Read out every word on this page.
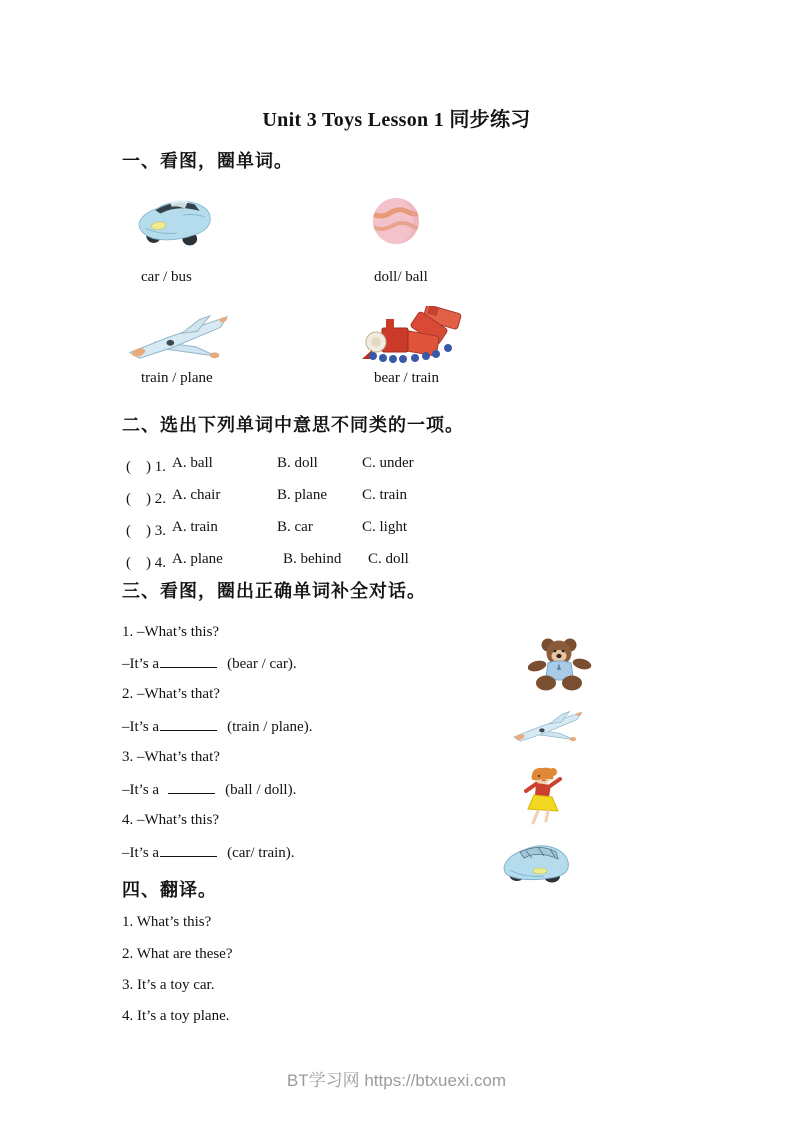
Unit 3 Toys Lesson 1 同步练习
一、看图，圈单词。
car / bus	doll/ ball
train / plane	bear / train
二、选出下列单词中意思不同类的一项。
(　) 1. A. ball	B. doll	C. under
(　) 2. A. chair	B. plane	C. train
(　) 3. A. train	B. car	C. light
(　) 4. A. plane	B. behind	C. doll
三、看图，圈出正确单词补全对话。
1. –What’s this?
–It’s a	(bear / car).
2. –What’s that?
–It’s a	(train / plane).
3. –What’s that?
–It’s a	(ball / doll).
4. –What’s this?
–It’s a	(car/ train).
四、翻译。
1. What’s this?
2. What are these?
3. It’s a toy car.
4. It’s a toy plane.
BT学习网 https://btxuexi.com
